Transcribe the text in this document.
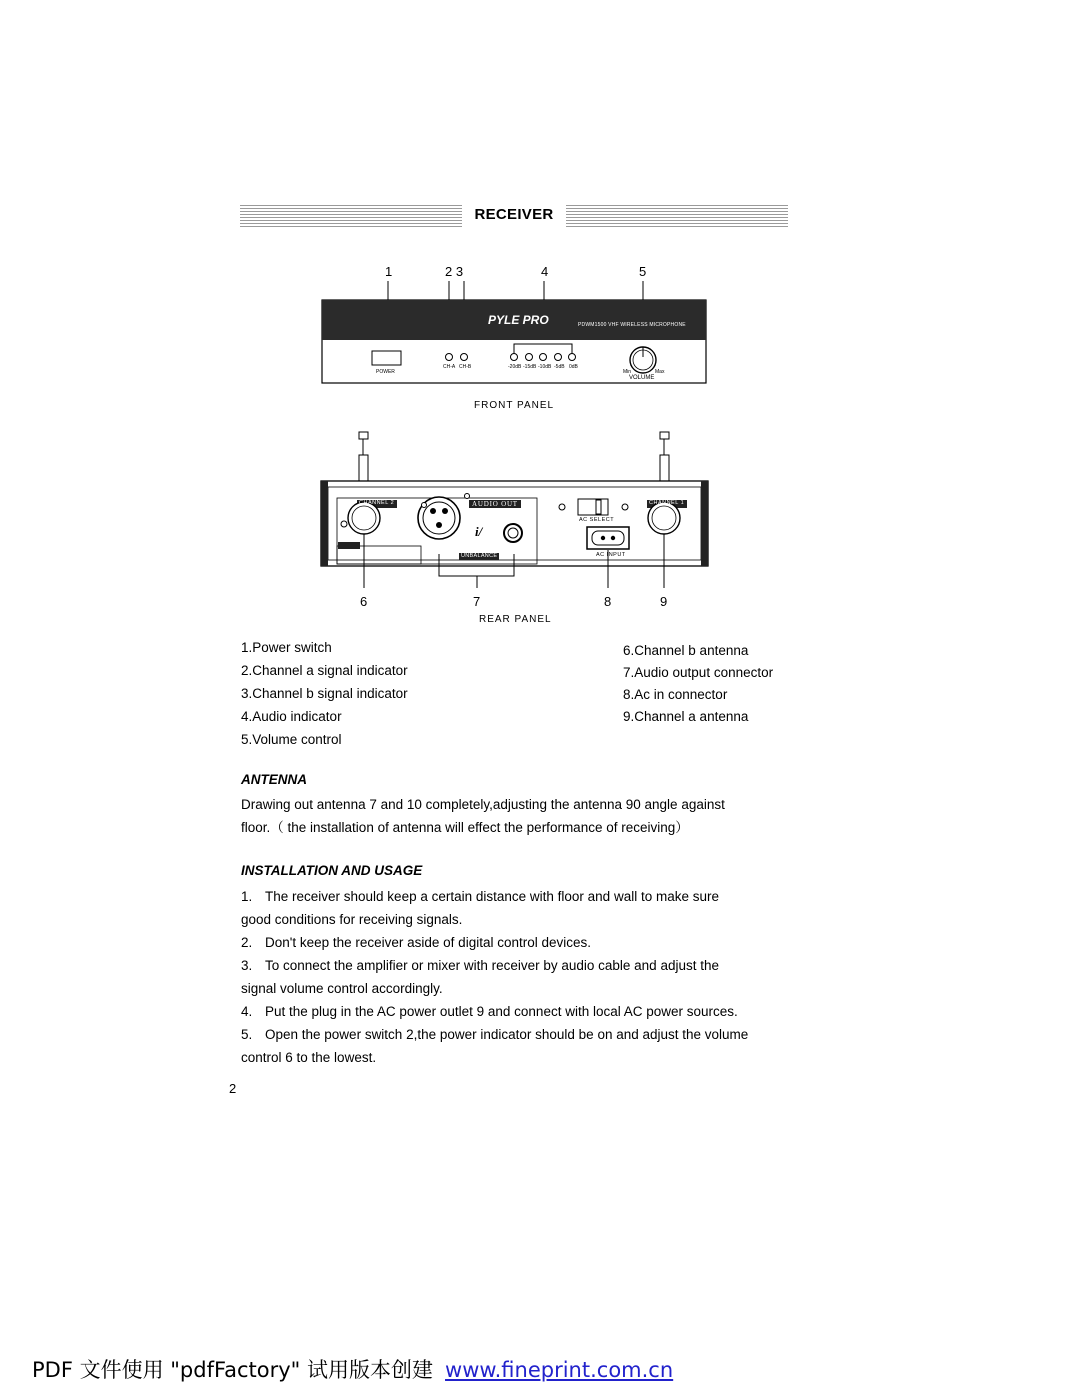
RECEIVER
1	2 3	4	5
PYLE PRO	PDWM1500 VHF WIRELESS MICROPHONE
POWER
CH-A CH-B	-20dB -15dB -10dB -5dB 0dB
Min	Max
VOLUME
FRONT PANEL
i/
CHANNEL 2	AUDIO OUT	CHANNEL 1
UNBALANCE
AC SELECT
AC INPUT
6	7	8	9
REAR PANEL
1.Power switch
2.Channel a signal indicator
3.Channel b signal indicator
4.Audio indicator
5.Volume control
6.Channel b antenna
7.Audio output connector
8.Ac in connector
9.Channel a antenna
ANTENNA
Drawing out antenna 7 and 10 completely,adjusting the antenna 90 angle against
floor.（ the installation of antenna will effect the performance of receiving）
INSTALLATION AND USAGE
1. The receiver should keep a certain distance with floor and wall to make sure
good conditions for receiving signals.
2. Don't keep the receiver aside of digital control devices.
3. To connect the amplifier or mixer with receiver by audio cable and adjust the
signal volume control accordingly.
4. Put the plug in the AC power outlet 9 and connect with local AC power sources.
5. Open the power switch 2,the power indicator should be on and adjust the volume
control 6 to the lowest.
2
PDF 文件使用 "pdfFactory" 试用版本创建 www.fineprint.com.cn
